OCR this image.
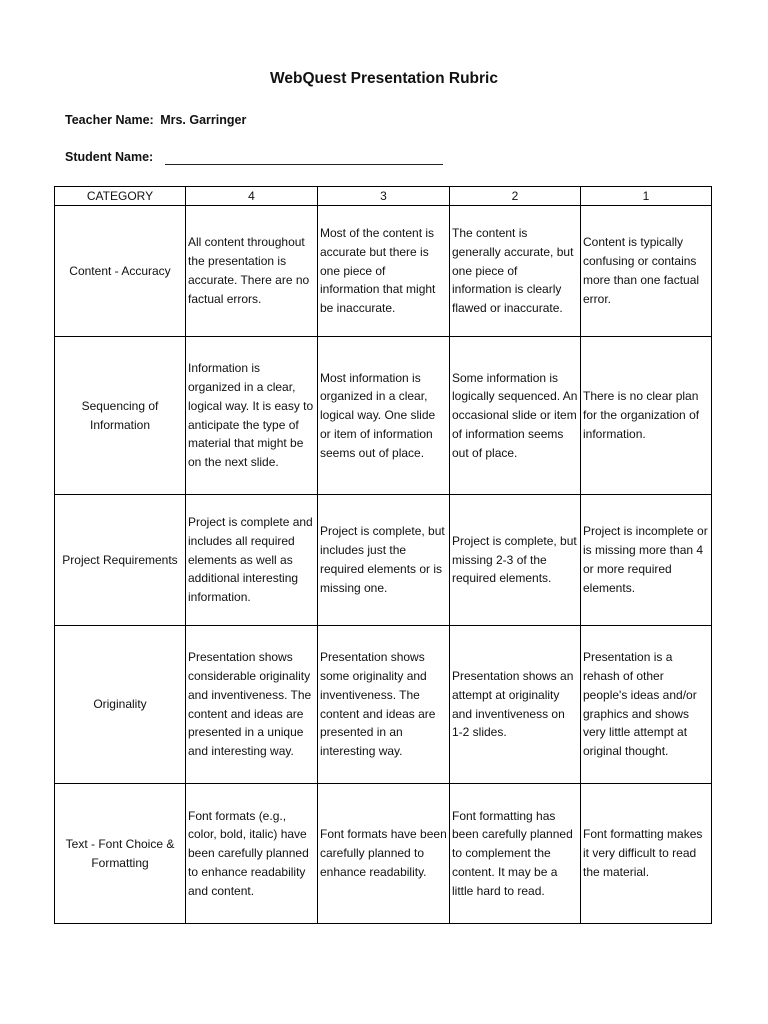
WebQuest Presentation Rubric
Teacher Name: Mrs. Garringer
Student Name:
CATEGORY	4	3	2	1
Content - Accuracy	All content throughout the presentation is accurate. There are no factual errors.	Most of the content is accurate but there is one piece of information that might be inaccurate.	The content is generally accurate, but one piece of information is clearly flawed or inaccurate.	Content is typically confusing or contains more than one factual error.
Sequencing of Information	Information is organized in a clear, logical way. It is easy to anticipate the type of material that might be on the next slide.	Most information is organized in a clear, logical way. One slide or item of information seems out of place.	Some information is logically sequenced. An occasional slide or item of information seems out of place.	There is no clear plan for the organization of information.
Project Requirements	Project is complete and includes all required elements as well as additional interesting information.	Project is complete, but includes just the required elements or is missing one.	Project is complete, but missing 2-3 of the required elements.	Project is incomplete or is missing more than 4 or more required elements.
Originality	Presentation shows considerable originality and inventiveness. The content and ideas are presented in a unique and interesting way.	Presentation shows some originality and inventiveness. The content and ideas are presented in an interesting way.	Presentation shows an attempt at originality and inventiveness on 1-2 slides.	Presentation is a rehash of other people's ideas and/or graphics and shows very little attempt at original thought.
Text - Font Choice & Formatting	Font formats (e.g., color, bold, italic) have been carefully planned to enhance readability and content.	Font formats have been carefully planned to enhance readability.	Font formatting has been carefully planned to complement the content. It may be a little hard to read.	Font formatting makes it very difficult to read the material.
